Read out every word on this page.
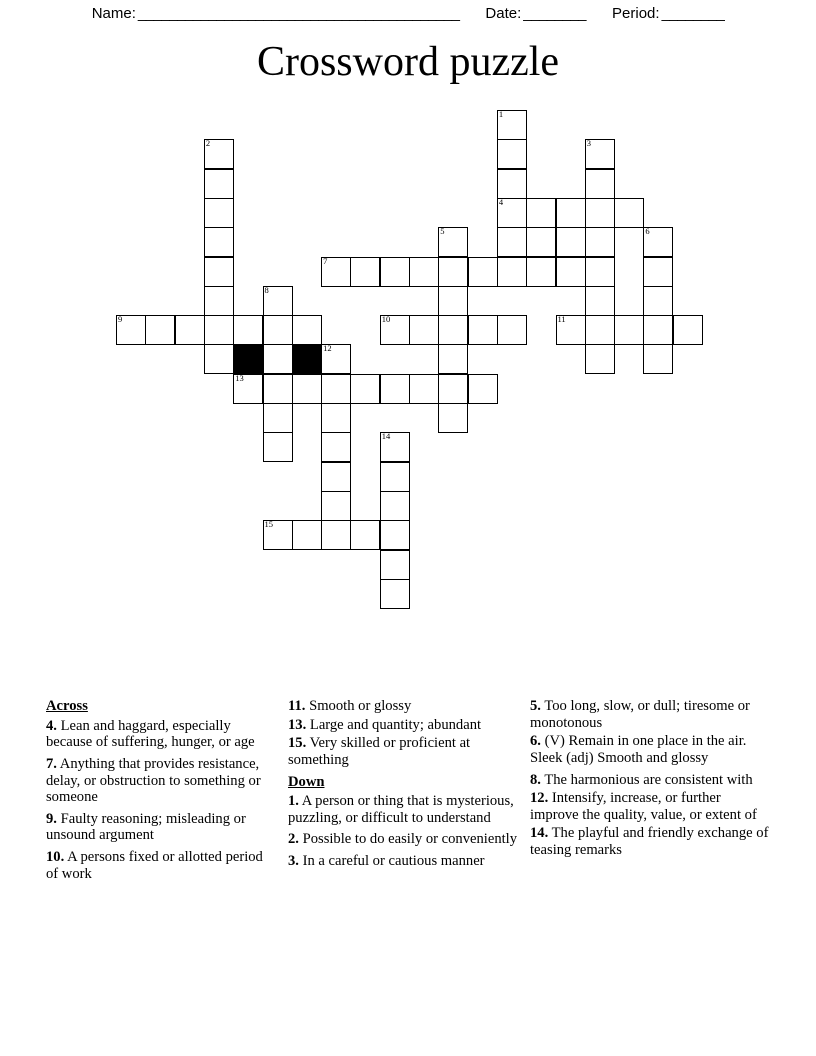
Name: _________________________________________ Date: ________ Period: ________
Crossword puzzle
1
2	3
4
5	6
7
8
9	10	11
12
13
14
15
Across
4. Lean and haggard, especially because of suffering, hunger, or age
7. Anything that provides resistance, delay, or obstruction to something or someone
9. Faulty reasoning; misleading or unsound argument
10. A persons fixed or allotted period of work
11. Smooth or glossy
13. Large and quantity; abundant
15. Very skilled or proficient at something
Down
1. A person or thing that is mysterious, puzzling, or difficult to understand
2. Possible to do easily or conveniently
3. In a careful or cautious manner
5. Too long, slow, or dull; tiresome or monotonous
6. (V) Remain in one place in the air. Sleek (adj) Smooth and glossy
8. The harmonious are consistent with
12. Intensify, increase, or further improve the quality, value, or extent of
14. The playful and friendly exchange of teasing remarks
